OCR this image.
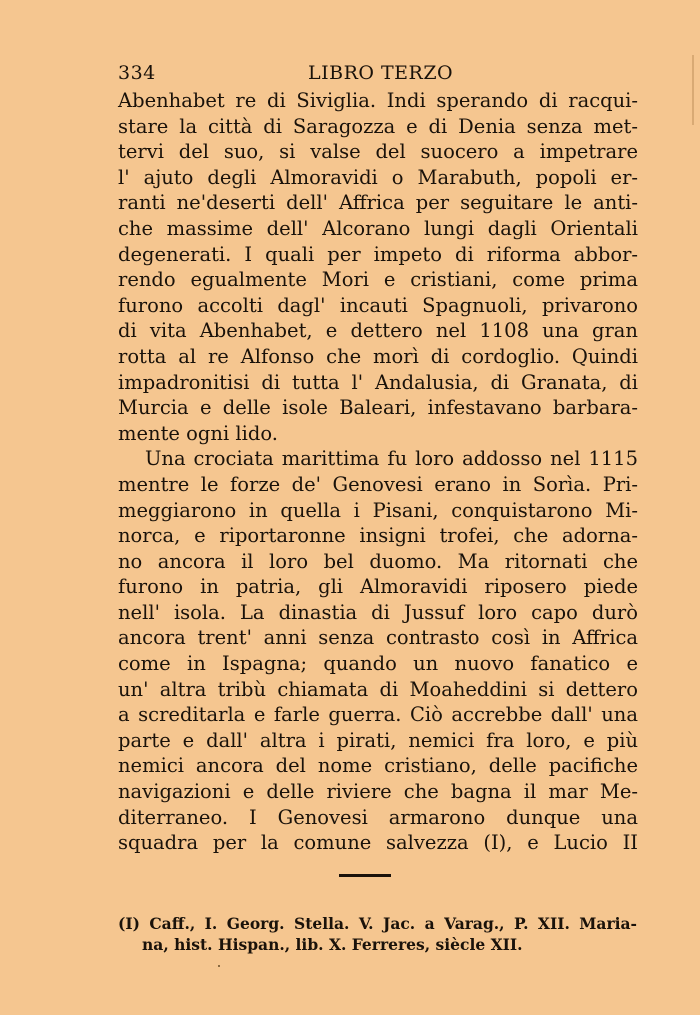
334	LIBRO TERZO
Abenhabet re di Siviglia. Indi sperando di racqui-
stare la città di Saragozza e di Denia senza met-
tervi del suo, si valse del suocero a impetrare
l' ajuto degli Almoravidi o Marabuth, popoli er-
ranti ne'deserti dell' Affrica per seguitare le anti-
che massime dell' Alcorano lungi dagli Orientali
degenerati. I quali per impeto di riforma abbor-
rendo egualmente Mori e cristiani, come prima
furono accolti dagl' incauti Spagnuoli, privarono
di vita Abenhabet, e dettero nel 1108 una gran
rotta al re Alfonso che morì di cordoglio. Quindi
impadronitisi di tutta l' Andalusia, di Granata, di
Murcia e delle isole Baleari, infestavano barbara-
mente ogni lido.
Una crociata marittima fu loro addosso nel 1115
mentre le forze de' Genovesi erano in Sorìa. Pri-
meggiarono in quella i Pisani, conquistarono Mi-
norca, e riportaronne insigni trofei, che adorna-
no ancora il loro bel duomo. Ma ritornati che
furono in patria, gli Almoravidi riposero piede
nell' isola. La dinastia di Jussuf loro capo durò
ancora trent' anni senza contrasto così in Affrica
come in Ispagna; quando un nuovo fanatico e
un' altra tribù chiamata di Moaheddini si dettero
a screditarla e farle guerra. Ciò accrebbe dall' una
parte e dall' altra i pirati, nemici fra loro, e più
nemici ancora del nome cristiano, delle pacifiche
navigazioni e delle riviere che bagna il mar Me-
diterraneo. I Genovesi armarono dunque una
squadra per la comune salvezza (I), e Lucio II
(I) Caff., I. Georg. Stella. V. Jac. a Varag., P. XII. Maria-
na, hist. Hispan., lib. X. Ferreres, siècle XII.
